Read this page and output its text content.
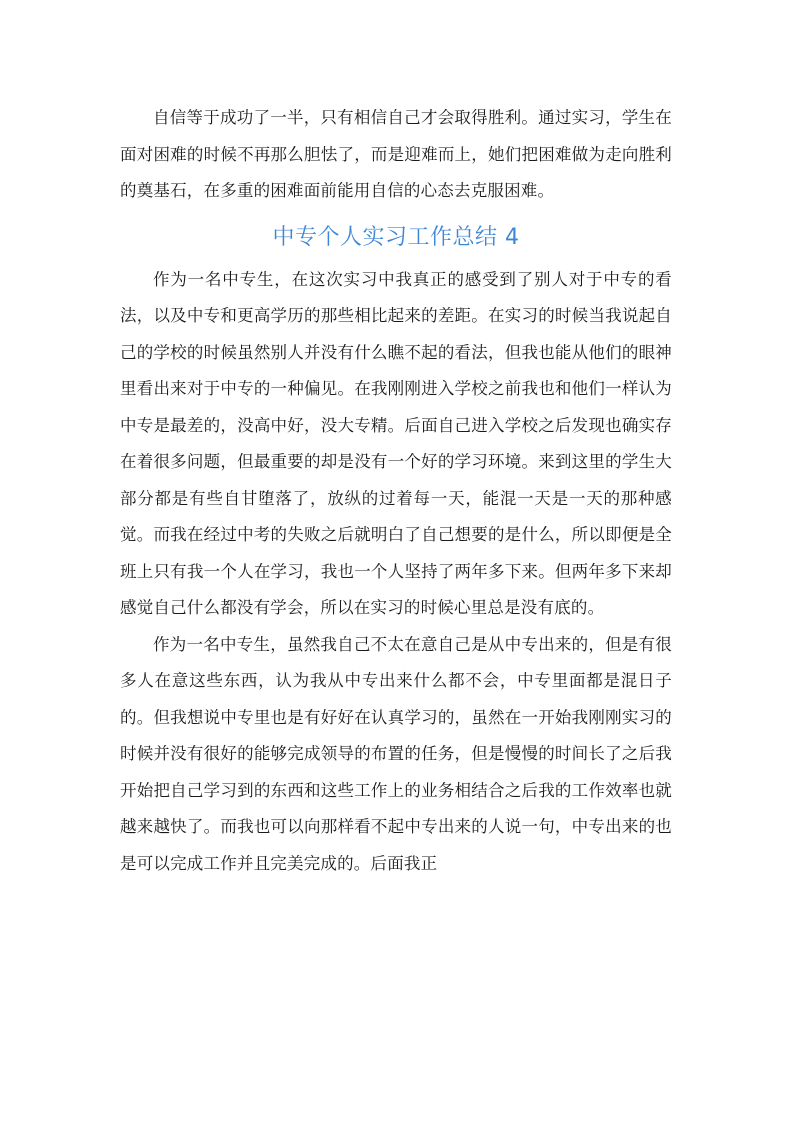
自信等于成功了一半，只有相信自己才会取得胜利。通过实习，学生在面对困难的时候不再那么胆怯了，而是迎难而上，她们把困难做为走向胜利的奠基石，在多重的困难面前能用自信的心态去克服困难。

中专个人实习工作总结 4

作为一名中专生，在这次实习中我真正的感受到了别人对于中专的看法，以及中专和更高学历的那些相比起来的差距。在实习的时候当我说起自己的学校的时候虽然别人并没有什么瞧不起的看法，但我也能从他们的眼神里看出来对于中专的一种偏见。在我刚刚进入学校之前我也和他们一样认为中专是最差的，没高中好，没大专精。后面自己进入学校之后发现也确实存在着很多问题，但最重要的却是没有一个好的学习环境。来到这里的学生大部分都是有些自甘堕落了，放纵的过着每一天，能混一天是一天的那种感觉。而我在经过中考的失败之后就明白了自己想要的是什么，所以即便是全班上只有我一个人在学习，我也一个人坚持了两年多下来。但两年多下来却感觉自己什么都没有学会，所以在实习的时候心里总是没有底的。

作为一名中专生，虽然我自己不太在意自己是从中专出来的，但是有很多人在意这些东西，认为我从中专出来什么都不会，中专里面都是混日子的。但我想说中专里也是有好好在认真学习的，虽然在一开始我刚刚实习的时候并没有很好的能够完成领导的布置的任务，但是慢慢的时间长了之后我开始把自己学习到的东西和这些工作上的业务相结合之后我的工作效率也就越来越快了。而我也可以向那样看不起中专出来的人说一句，中专出来的也是可以完成工作并且完美完成的。后面我正
